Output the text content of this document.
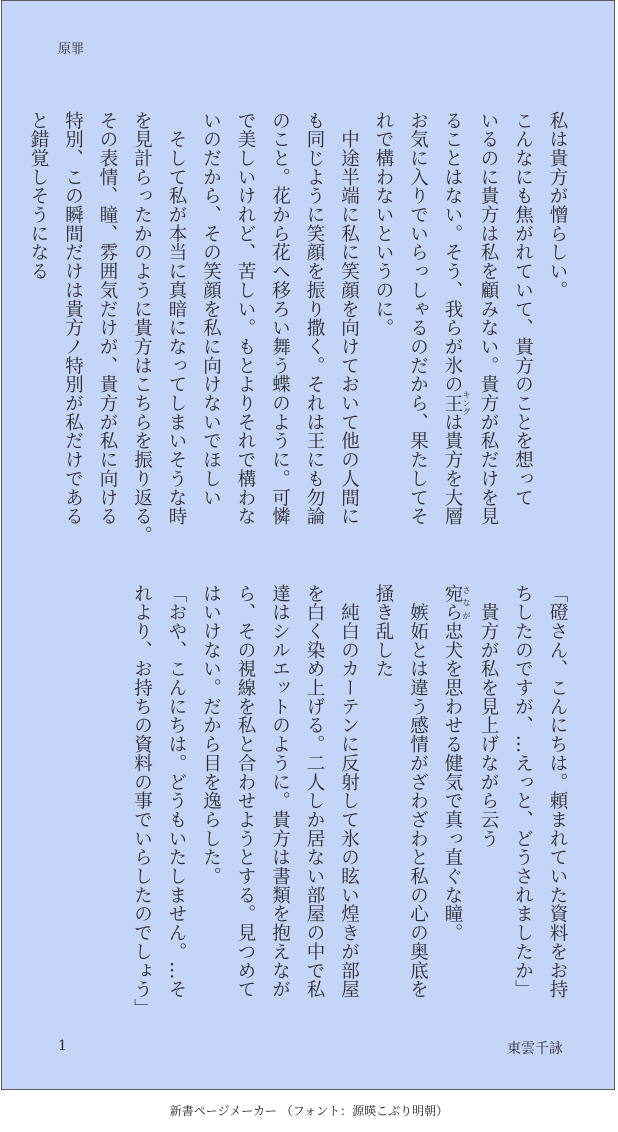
原罪

私は貴方が憎らしい。

こんなにも焦がれていて、貴方のことを想って

いるのに貴方は私を顧みない。貴方が私だけを見

ることはない。そう、我らが氷の王 キングは貴方を大層

お気に入りでいらっしゃるのだから、果たしてそ

れで構わないというのに。

　中途半端に私に笑顔を向けておいて他の人間に

も同じように笑顔を振り撒く。それは王にも勿論

のこと。花から花へ移ろい舞う蝶のように。可憐

で美しいけれど、苦しい。もとよりそれで構わな

いのだから、その笑顔を私に向けないでほしい

　そして私が本当に真暗になってしまいそうな時

を見計らったかのように貴方はこちらを振り返る。

その表情、瞳、雰囲気だけが、貴方が私に向ける

特別、この瞬間だけは貴方ノ特別が私だけである

と錯覚しそうになる

「磴さん、こんにちは。頼まれていた資料をお持

ちしたのですが、…えっと、どうされましたか」

　貴方が私を見上げながら云う

宛ら さなが忠犬を思わせる健気で真っ直ぐな瞳。

　嫉妬とは違う感情がざわざわと私の心の奥底を

掻き乱した

　純白のカーテンに反射して氷の眩い煌きが部屋

を白く染め上げる。二人しか居ない部屋の中で私

達はシルエットのように。貴方は書類を抱えなが

ら、その視線を私と合わせようとする。見つめて

はいけない。だから目を逸らした。

「おや、こんにちは。どうもいたしません。…そ

れより、お持ちの資料の事でいらしたのでしょう」

1	東雲千詠
新書ページメーカー （フォント：源暎こぶり明朝）
